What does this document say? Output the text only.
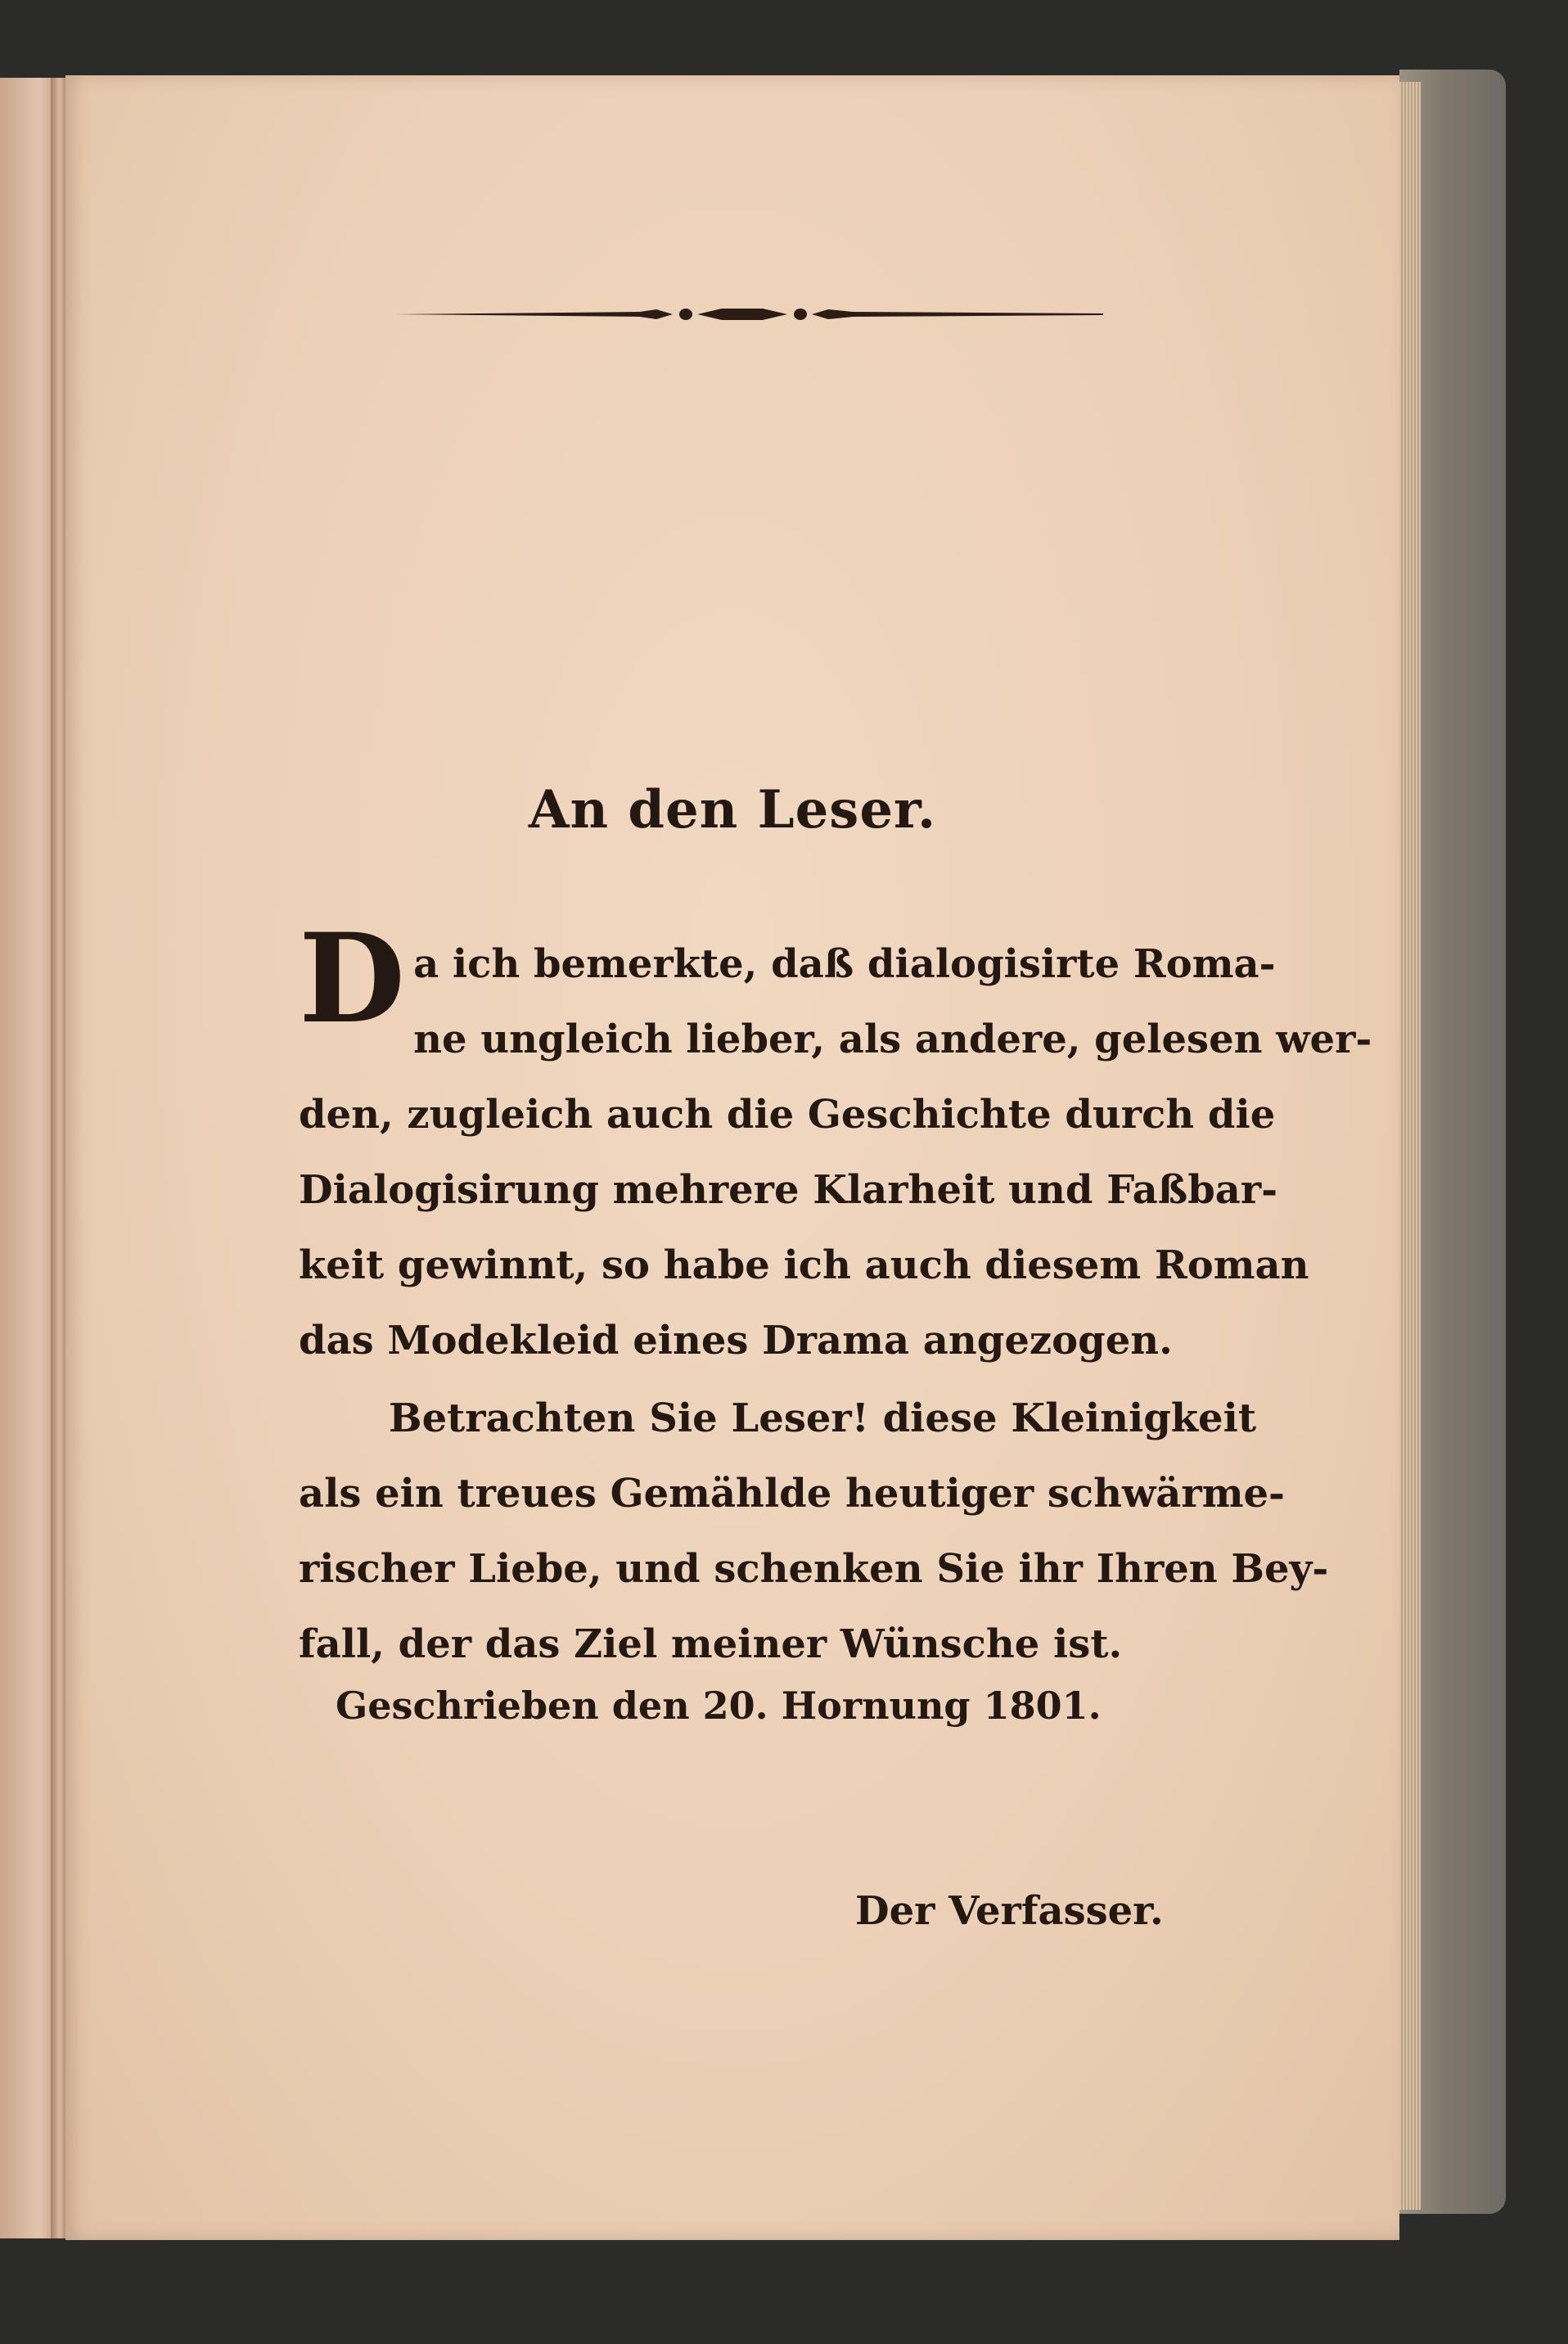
An den Leser.
D a ich bemerkte, daß dialogisirte Roma-
ne ungleich lieber, als andere, gelesen wer-
den, zugleich auch die Geschichte durch die
Dialogisirung mehrere Klarheit und Faßbar-
keit gewinnt, so habe ich auch diesem Roman
das Modekleid eines Drama angezogen.
Betrachten Sie Leser! diese Kleinigkeit
als ein treues Gemählde heutiger schwärme-
rischer Liebe, und schenken Sie ihr Ihren Bey-
fall, der das Ziel meiner Wünsche ist.
Geschrieben den 20. Hornung 1801.
Der Verfasser.
